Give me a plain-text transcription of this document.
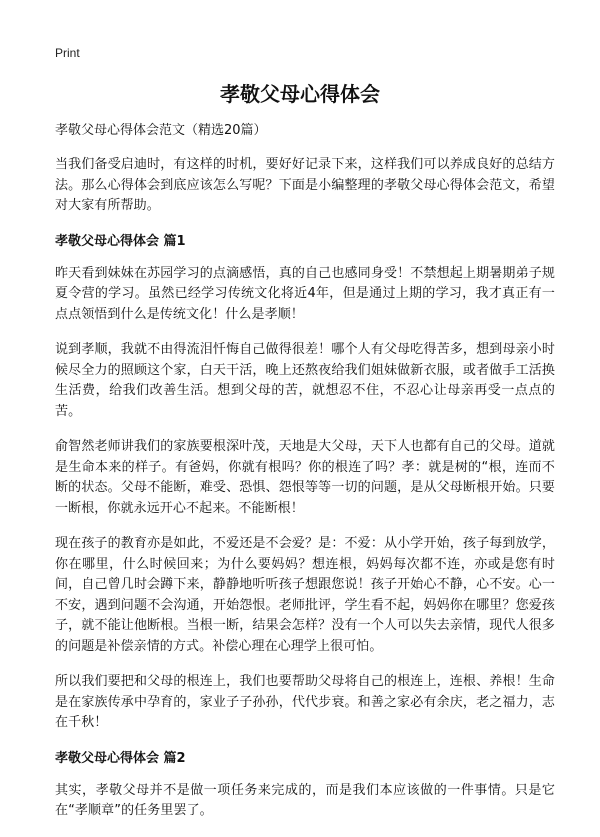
Print
孝敬父母心得体会

孝敬父母心得体会范文（精选20篇）

当我们备受启迪时，有这样的时机，要好好记录下来，这样我们可以养成良好的总结方法。那么心得体会到底应该怎么写呢？下面是小编整理的孝敬父母心得体会范文，希望对大家有所帮助。

孝敬父母心得体会 篇1

昨天看到妹妹在苏园学习的点滴感悟，真的自己也感同身受！不禁想起上期暑期弟子规夏令营的学习。虽然已经学习传统文化将近4年，但是通过上期的学习，我才真正有一点点领悟到什么是传统文化！什么是孝顺！

说到孝顺，我就不由得流泪忏悔自己做得很差！哪个人有父母吃得苦多，想到母亲小时候尽全力的照顾这个家，白天干活，晚上还熬夜给我们姐妹做新衣服，或者做手工活换生活费，给我们改善生活。想到父母的苦，就想忍不住，不忍心让母亲再受一点点的苦。

俞智然老师讲我们的家族要根深叶茂，天地是大父母，天下人也都有自己的父母。道就是生命本来的样子。有爸妈，你就有根吗？你的根连了吗？孝：就是树的“根，连而不断的状态。父母不能断，难受、恐惧、怨恨等等一切的问题，是从父母断根开始。只要一断根，你就永远开心不起来。不能断根！

现在孩子的教育亦是如此，不爱还是不会爱？是：不爱：从小学开始，孩子每到放学，你在哪里，什么时候回来；为什么要妈妈？想连根，妈妈每次都不连，亦或是您有时间，自己曾几时会蹲下来，静静地听听孩子想跟您说！孩子开始心不静，心不安。心一不安，遇到问题不会沟通，开始怨恨。老师批评，学生看不起，妈妈你在哪里？您爱孩子，就不能让他断根。当根一断，结果会怎样？没有一个人可以失去亲情，现代人很多的问题是补偿亲情的方式。补偿心理在心理学上很可怕。

所以我们要把和父母的根连上，我们也要帮助父母将自己的根连上，连根、养根！生命是在家族传承中孕育的，家业子子孙孙，代代步衰。和善之家必有余庆，老之福力，志在千秋！

孝敬父母心得体会 篇2

其实，孝敬父母并不是做一项任务来完成的，而是我们本应该做的一件事情。只是它在“孝顺章”的任务里罢了。
